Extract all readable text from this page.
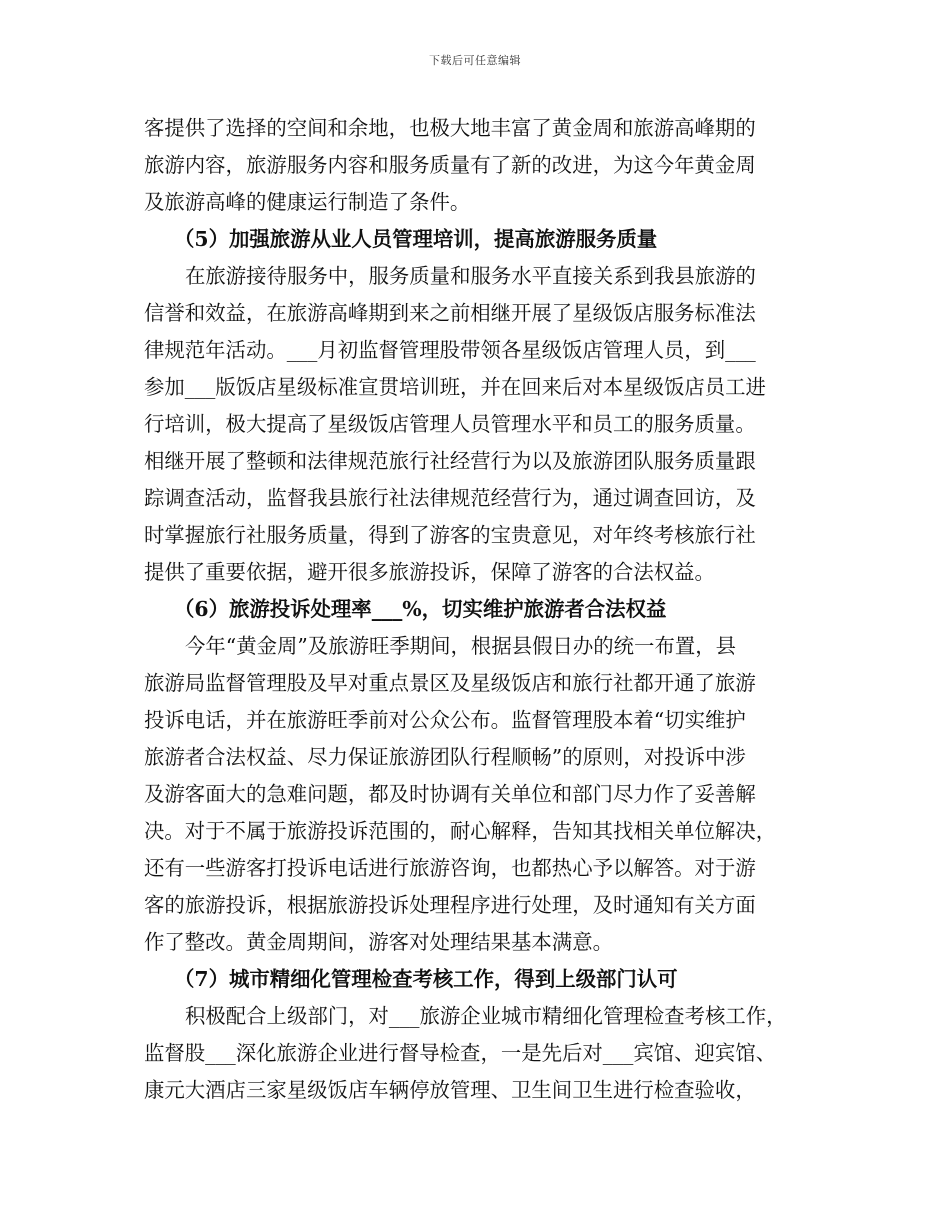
下载后可任意编辑
客提供了选择的空间和余地，也极大地丰富了黄金周和旅游高峰期的
旅游内容，旅游服务内容和服务质量有了新的改进，为这今年黄金周
及旅游高峰的健康运行制造了条件。
（5）加强旅游从业人员管理培训，提高旅游服务质量
在旅游接待服务中，服务质量和服务水平直接关系到我县旅游的
信誉和效益，在旅游高峰期到来之前相继开展了星级饭店服务标准法
律规范年活动。___月初监督管理股带领各星级饭店管理人员，到___
参加___版饭店星级标准宣贯培训班，并在回来后对本星级饭店员工进
行培训，极大提高了星级饭店管理人员管理水平和员工的服务质量。
相继开展了整顿和法律规范旅行社经营行为以及旅游团队服务质量跟
踪调查活动，监督我县旅行社法律规范经营行为，通过调查回访，及
时掌握旅行社服务质量，得到了游客的宝贵意见，对年终考核旅行社
提供了重要依据，避开很多旅游投诉，保障了游客的合法权益。
（6）旅游投诉处理率___%，切实维护旅游者合法权益
今年“黄金周”及旅游旺季期间，根据县假日办的统一布置，县
旅游局监督管理股及早对重点景区及星级饭店和旅行社都开通了旅游
投诉电话，并在旅游旺季前对公众公布。监督管理股本着“切实维护
旅游者合法权益、尽力保证旅游团队行程顺畅”的原则，对投诉中涉
及游客面大的急难问题，都及时协调有关单位和部门尽力作了妥善解
决。对于不属于旅游投诉范围的，耐心解释，告知其找相关单位解决，
还有一些游客打投诉电话进行旅游咨询，也都热心予以解答。对于游
客的旅游投诉，根据旅游投诉处理程序进行处理，及时通知有关方面
作了整改。黄金周期间，游客对处理结果基本满意。
（7）城市精细化管理检查考核工作，得到上级部门认可
积极配合上级部门，对___旅游企业城市精细化管理检查考核工作，
监督股___深化旅游企业进行督导检查，一是先后对___宾馆、迎宾馆、
康元大酒店三家星级饭店车辆停放管理、卫生间卫生进行检查验收，
